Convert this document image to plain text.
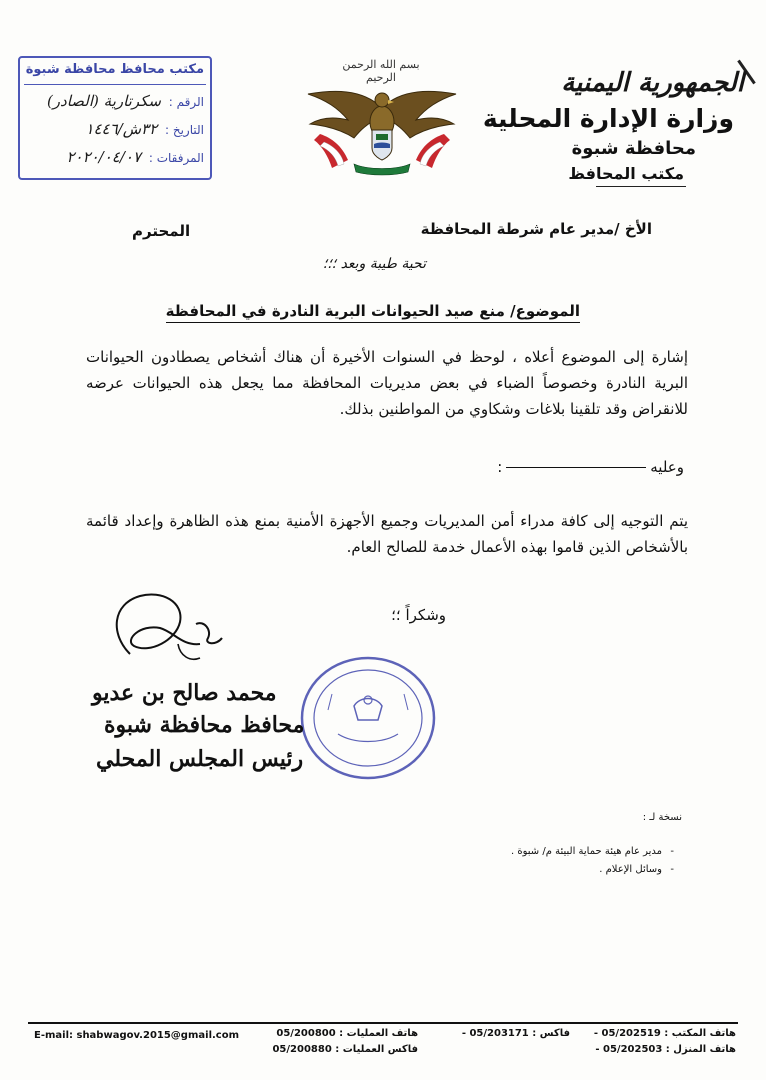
الجمهورية اليمنية
وزارة الإدارة المحلية
محافظة شبوة
مكتب المحافظ
بسم الله الرحمن الرحيم
مكتب محافظ محافظة شبوة
الرقم : سكرتارية (الصادر)
التاريخ : ٣٢ش/١٤٤٦
المرفقات : ٢٠٢٠/٠٤/٠٧
الأخ /مدير عام شرطة المحافظة
المحترم
تحية طيبة وبعد ؛؛؛
الموضوع/ منع صيد الحيوانات البرية النادرة في المحافظة
إشارة إلى الموضوع أعلاه ، لوحظ في السنوات الأخيرة أن هناك أشخاص يصطادون الحيوانات البرية النادرة وخصوصاً الضباء في بعض مديريات المحافظة مما يجعل هذه الحيوانات عرضه للانقراض وقد تلقينا بلاغات وشكاوي من المواطنين بذلك.
وعليه:
يتم التوجيه إلى كافة مدراء أمن المديريات وجميع الأجهزة الأمنية بمنع هذه الظاهرة وإعداد قائمة بالأشخاص الذين قاموا بهذه الأعمال خدمة للصالح العام.
وشكراً ؛؛
محمد صالح بن عديو
محافظ محافظة شبوة
رئيس المجلس المحلي
نسخة لـ :
-
مدير عام هيئة حماية البيئة م/ شبوة .
-
وسائل الإعلام .
هاتف المكتب : 05/202519 -
فاكس : 05/203171 -
هاتف العمليات : 05/200800
E-mail: shabwagov.2015@gmail.com
هاتف المنزل : 05/202503 -
فاكس العمليات : 05/200880
